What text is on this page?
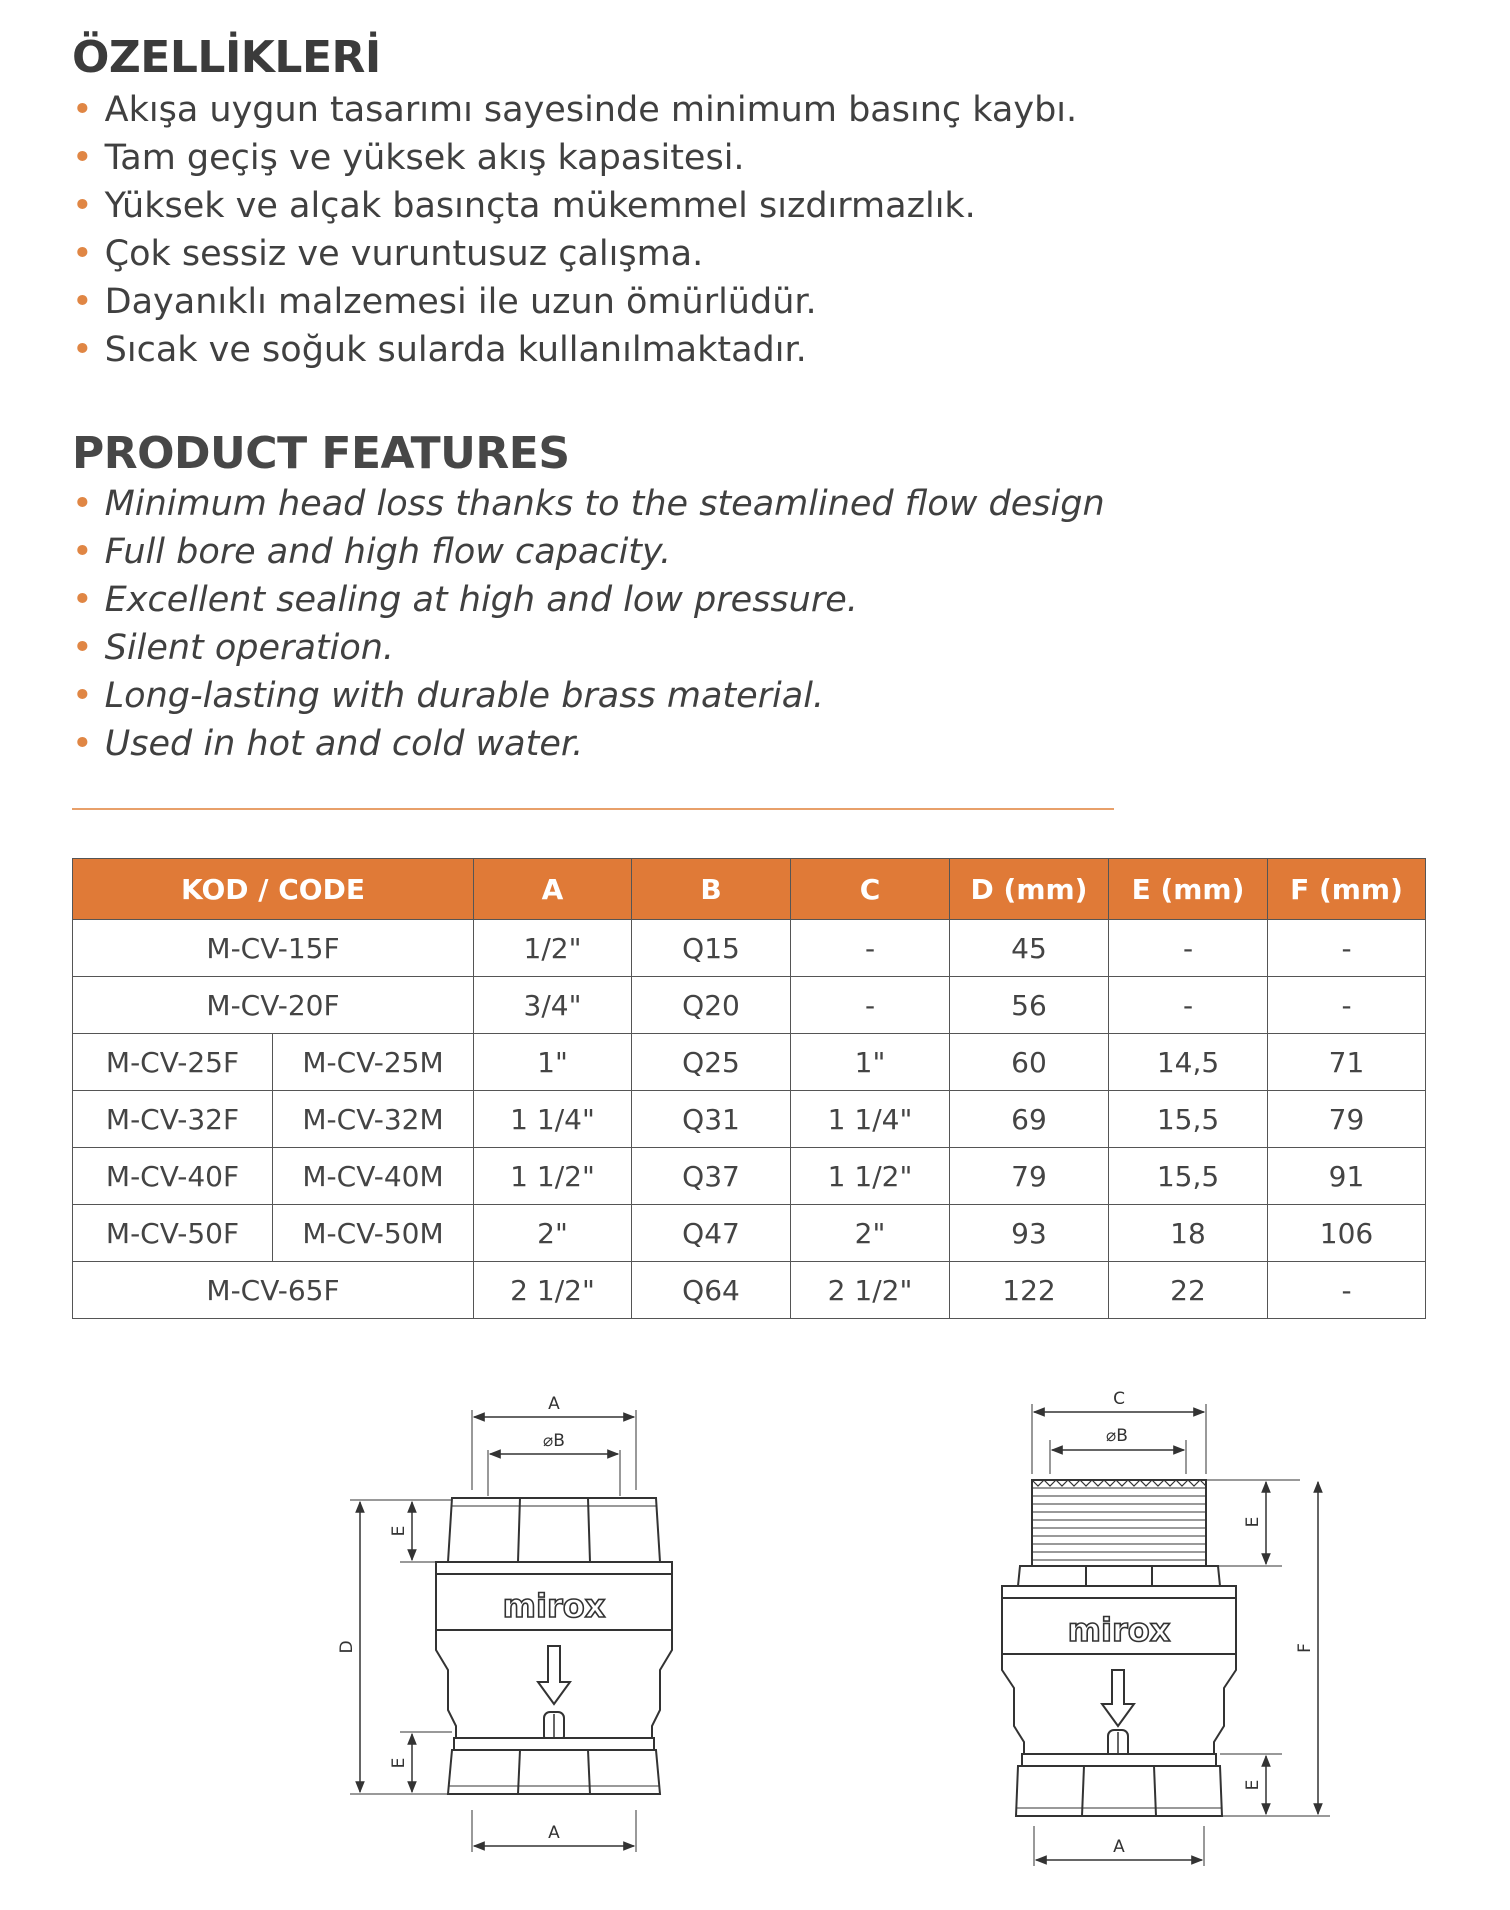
ÖZELLİKLERİ
• Akışa uygun tasarımı sayesinde minimum basınç kaybı.
• Tam geçiş ve yüksek akış kapasitesi.
• Yüksek ve alçak basınçta mükemmel sızdırmazlık.
• Çok sessiz ve vuruntusuz çalışma.
• Dayanıklı malzemesi ile uzun ömürlüdür.
• Sıcak ve soğuk sularda kullanılmaktadır.
PRODUCT FEATURES
• Minimum head loss thanks to the steamlined flow design
• Full bore and high flow capacity.
• Excellent sealing at high and low pressure.
• Silent operation.
• Long-lasting with durable brass material.
• Used in hot and cold water.
KOD / CODE		A	B	C	D (mm)	E (mm)	F (mm)
M-CV-15F		1/2"	Q15	-	45	-	-
M-CV-20F		3/4"	Q20	-	56	-	-
M-CV-25F	M-CV-25M	1"	Q25	1"	60	14,5	71
M-CV-32F	M-CV-32M	1 1/4"	Q31	1 1/4"	69	15,5	79
M-CV-40F	M-CV-40M	1 1/2"	Q37	1 1/2"	79	15,5	91
M-CV-50F	M-CV-50M	2"	Q47	2"	93	18	106
M-CV-65F		2 1/2"	Q64	2 1/2"	122	22	-
A
⌀B
mirox
D
E
E
A
C
⌀B
mirox
E
F
E
A
